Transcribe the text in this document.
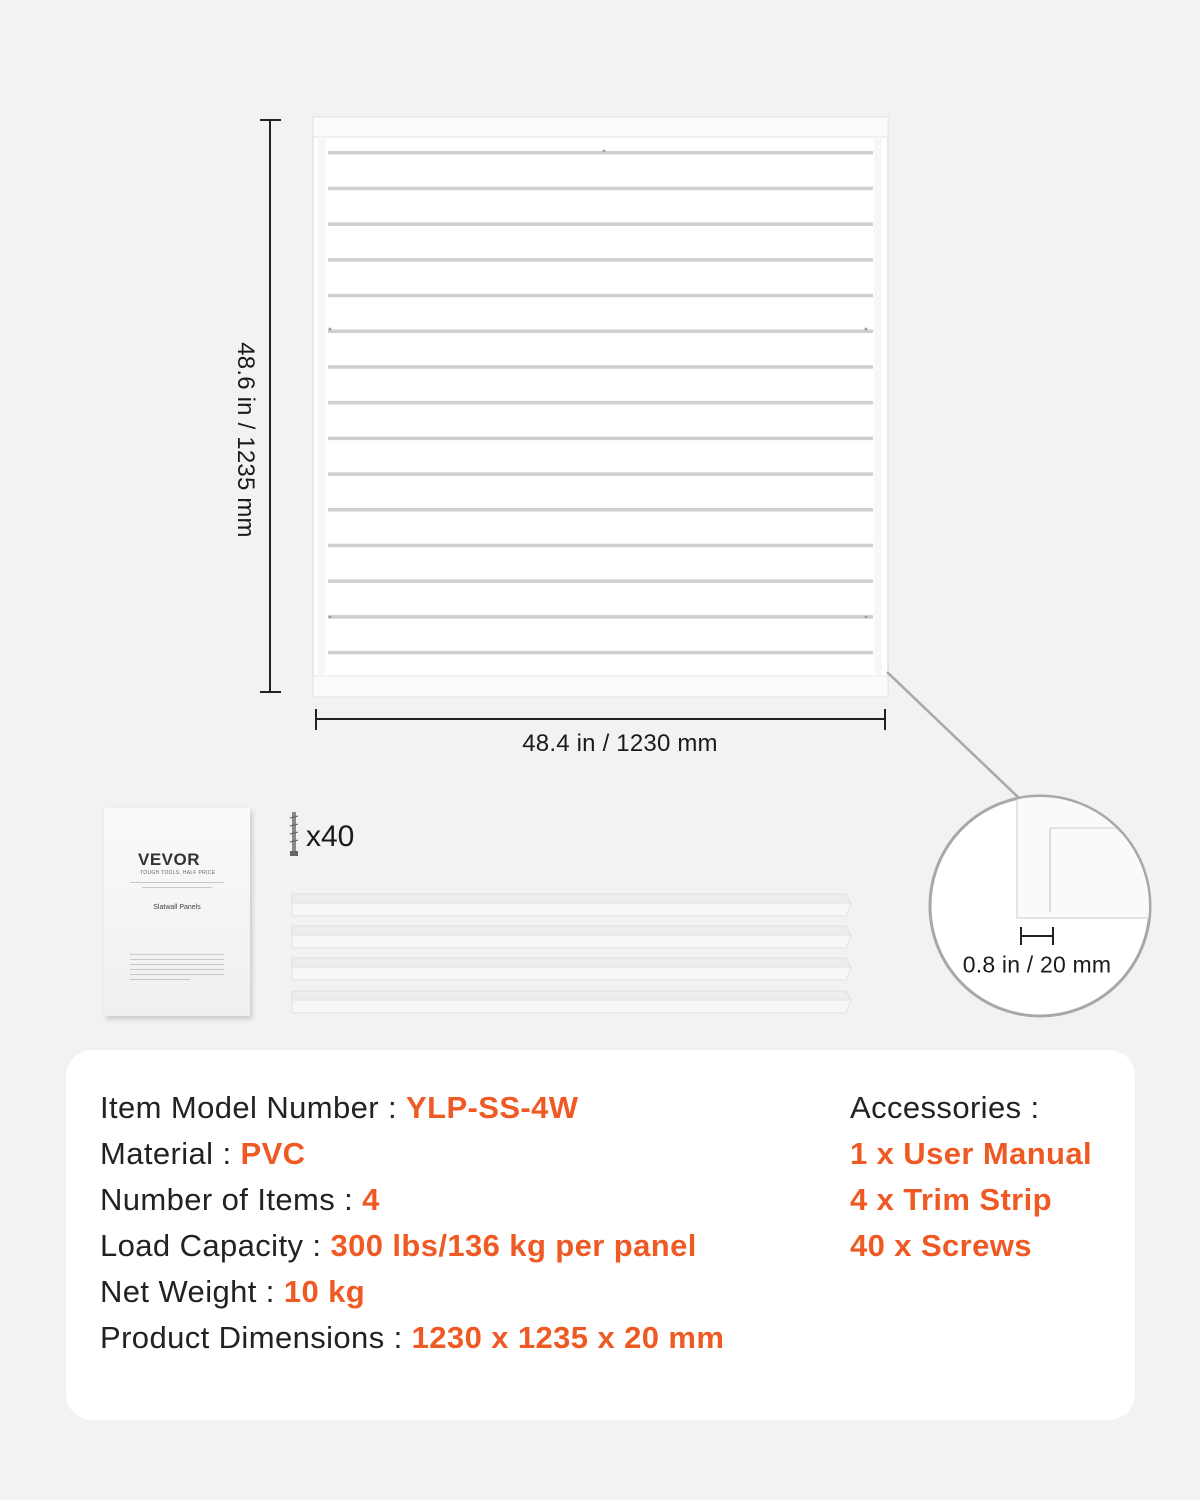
48.6 in / 1235 mm
48.4 in / 1230 mm
0.8 in / 20 mm
x40
VEVOR
TOUGH TOOLS, HALF PRICE
Slatwall Panels
Item Model Number : YLP-SS-4W
Material : PVC
Number of Items : 4
Load Capacity : 300 lbs/136 kg per panel
Net Weight : 10 kg
Product Dimensions : 1230 x 1235 x 20 mm
Accessories :
1 x User Manual
4 x Trim Strip
40 x Screws
